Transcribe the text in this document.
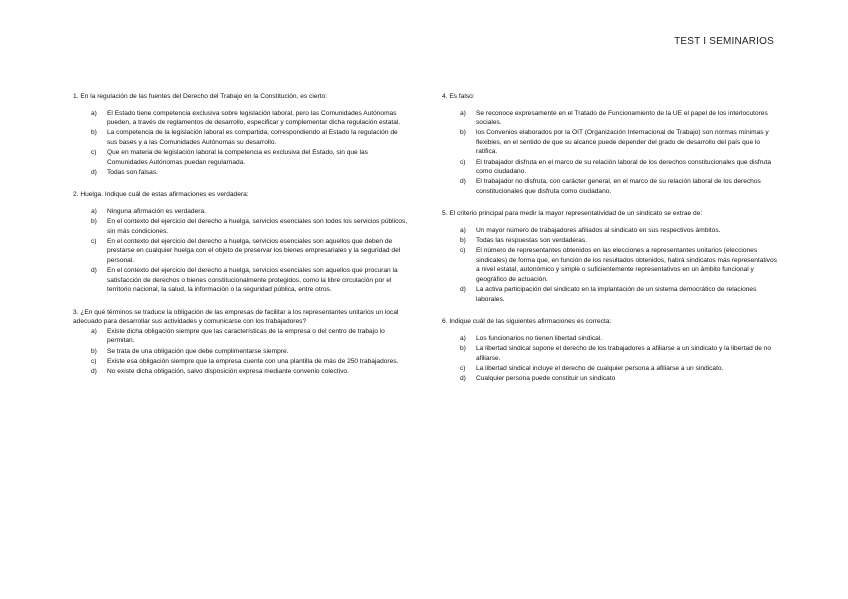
TEST I SEMINARIOS

1. En la regulación de las fuentes del Derecho del Trabajo en la Constitución, es cierto:

a)	El Estado tiene competencia exclusiva sobre legislación laboral, pero las Comunidades Autónomas pueden, a través de reglamentos de desarrollo, especificar y complementar dicha regulación estatal.
b)	La competencia de la legislación laboral es compartida, correspondiendo al Estado la regulación de sus bases y a las Comunidades Autónomas su desarrollo.
c)	Que en materia de legislación laboral la competencia es exclusiva del Estado, sin que las Comunidades Autónomas puedan regularnada.
d)	Todas son falsas.

2. Huelga. Indique cuál de estas afirmaciones es verdadera:

a)	Ninguna afirmación es verdadera.
b)	En el contexto del ejercicio del derecho a huelga, servicios esenciales son todos los servicios públicos, sin más condiciones.
c)	En el contexto del ejercicio del derecho a huelga, servicios esenciales son aquellos que deben de prestarse en cualquier huelga con el objeto de preservar los bienes empresariales y la seguridad del personal.
d)	En el contexto del ejercicio del derecho a huelga, servicios esenciales son aquellos que procuran la satisfacción de derechos o bienes constitucionalmente protegidos, como la libre circulación por el territorio nacional, la salud, la información o la seguridad pública, entre otros.

3. ¿En qué términos se traduce la obligación de las empresas de facilitar a los representantes unitarios un local adecuado para desarrollar sus actividades y comunicarse con los trabajadores?

a)	Existe dicha obligación siempre que las características de la empresa o del centro de trabajo lo permitan.
b)	Se trata de una obligación que debe cumplimentarse siempre.
c)	Existe esa obligación siempre que la empresa cuente con una plantilla de más de 250 trabajadores.
d)	No existe dicha obligación, salvo disposición expresa mediante convenio colectivo.

4. Es falso:

a)	Se reconoce expresamente en el Tratado de Funcionamiento de la UE el papel de los interlocutores sociales.
b)	los Convenios elaborados por la OIT (Organización Internacional de Trabajo) son normas mínimas y flexibles, en el sentido de que su alcance puede depender del grado de desarrollo del país que lo ratifica.
c)	El trabajador disfruta en el marco de su relación laboral de los derechos constitucionales que disfruta como ciudadano.
d)	El trabajador no disfruta, con carácter general, en el marco de su relación laboral de los derechos constitucionales que disfruta como ciudadano.

5. El criterio principal para medir la mayor representatividad de un sindicato se extrae de:

a)	Un mayor número de trabajadores afiliados al sindicato en sus respectivos ámbitos.
b)	Todas las respuestas son verdaderas.
c)	El número de representantes obtenidos en las elecciones a representantes unitarios (elecciones sindicales) de forma que, en función de los resultados obtenidos, habrá sindicatos más representativos a nivel estatal, autonómico y simple o suficientemente representativos en un ámbito funcional y geográfico de actuación.
d)	La activa participación del sindicato en la implantación de un sistema democrático de relaciones laborales.

6. Indique cuál de las siguientes afirmaciones es correcta:

a)	Los funcionarios no tienen libertad sindical.
b)	La libertad sindical supone el derecho de los trabajadores a afiliarse a un sindicato y la libertad de no afiliarse.
c)	La libertad sindical incluye el derecho de cualquier persona a afiliarse a un sindicato.
d)	Cualquier persona puede constituir un sindicato
